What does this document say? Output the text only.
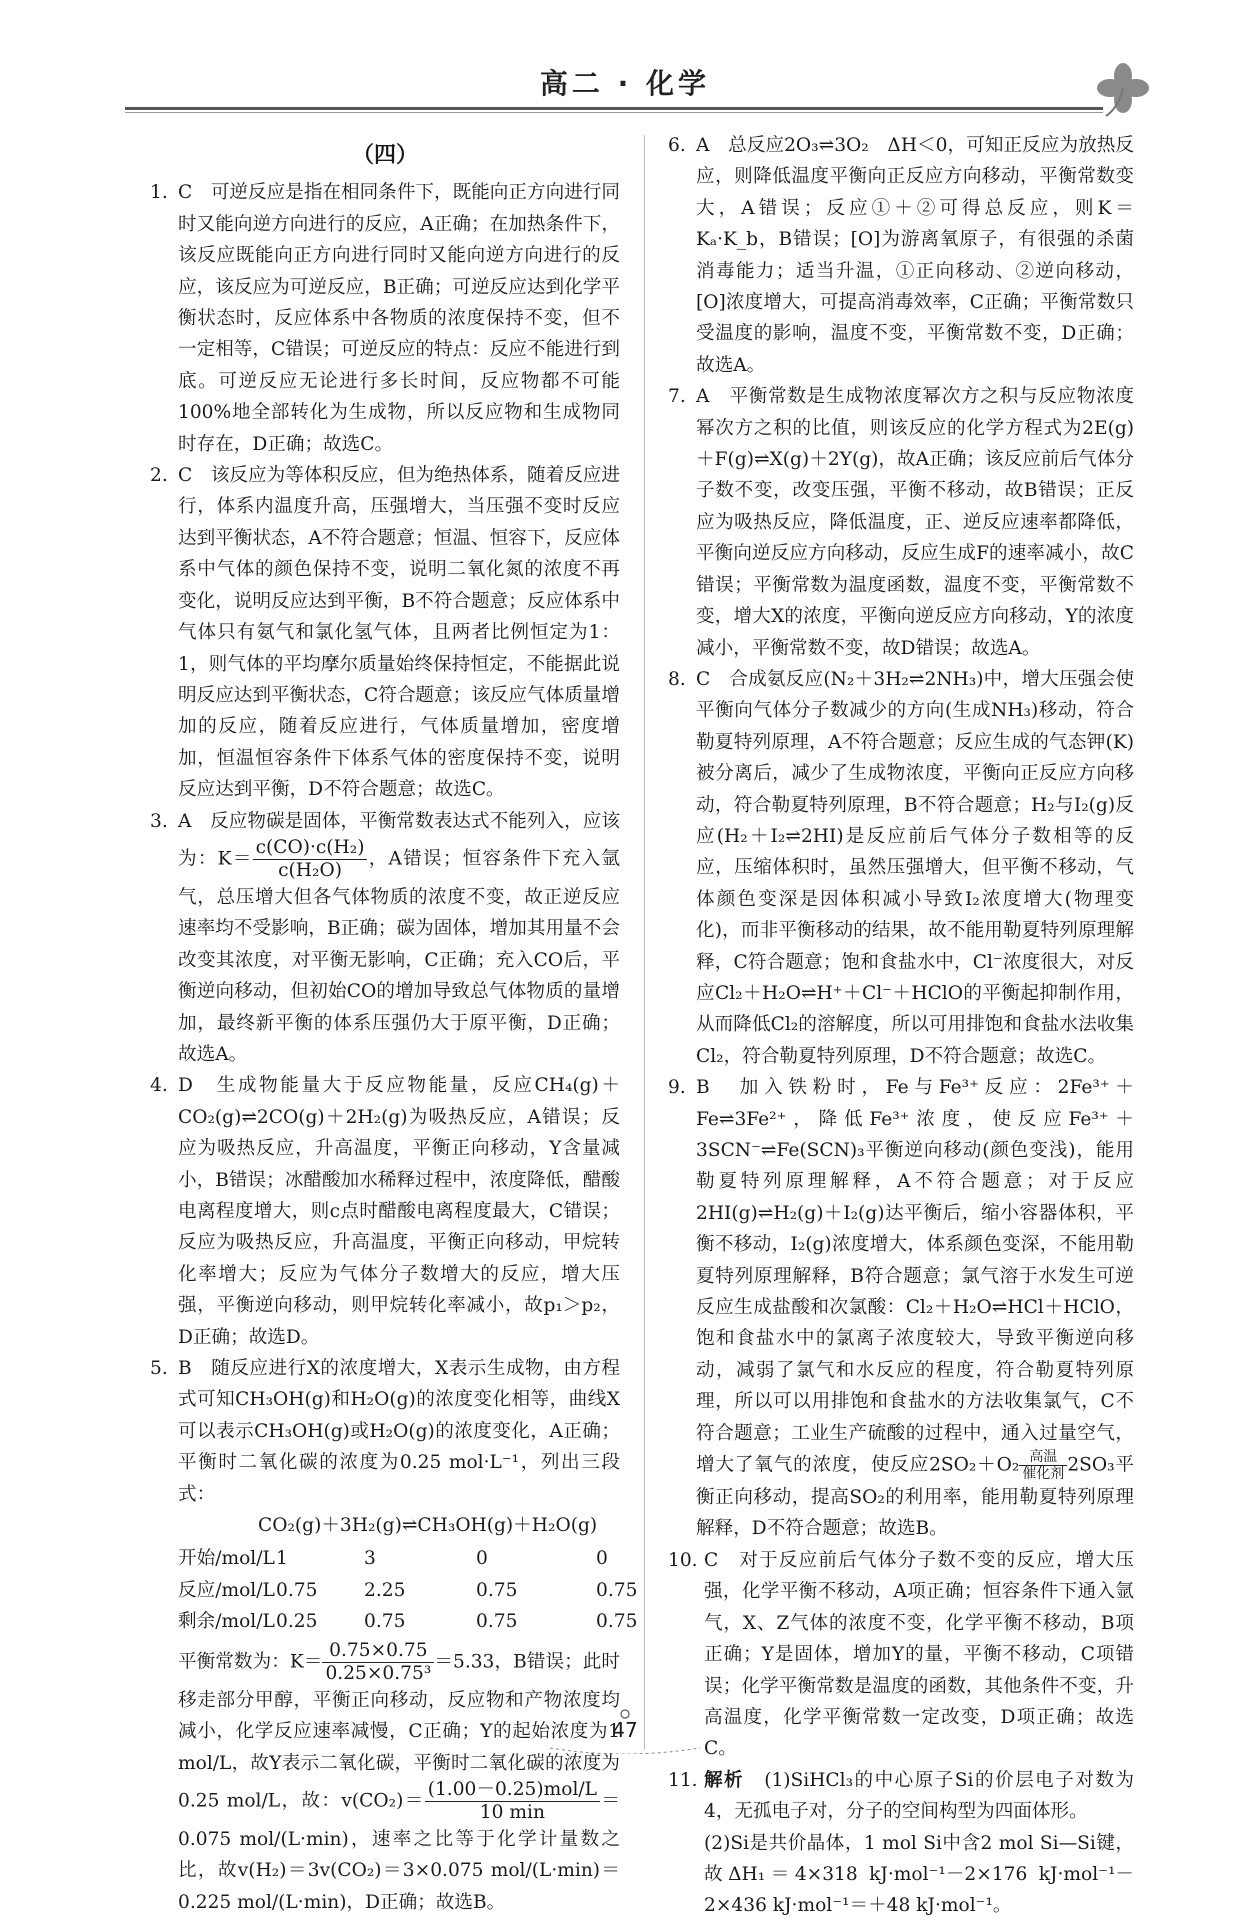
高二 · 化学
（四）
1. C　可逆反应是指在相同条件下，既能向正方向进行同时又能向逆方向进行的反应，A正确；在加热条件下，该反应既能向正方向进行同时又能向逆方向进行的反应，该反应为可逆反应，B正确；可逆反应达到化学平衡状态时，反应体系中各物质的浓度保持不变，但不一定相等，C错误；可逆反应的特点：反应不能进行到底。可逆反应无论进行多长时间，反应物都不可能100%地全部转化为生成物，所以反应物和生成物同时存在，D正确；故选C。

2. C　该反应为等体积反应，但为绝热体系，随着反应进行，体系内温度升高，压强增大，当压强不变时反应达到平衡状态，A不符合题意；恒温、恒容下，反应体系中气体的颜色保持不变，说明二氧化氮的浓度不再变化，说明反应达到平衡，B不符合题意；反应体系中气体只有氨气和氯化氢气体，且两者比例恒定为1：1，则气体的平均摩尔质量始终保持恒定，不能据此说明反应达到平衡状态，C符合题意；该反应气体质量增加的反应，随着反应进行，气体质量增加，密度增加，恒温恒容条件下体系气体的密度保持不变，说明反应达到平衡，D不符合题意；故选C。

3. A　反应物碳是固体，平衡常数表达式不能列入，应该为：$K= \frac{\text{c(CO)·c(H₂)}}{\text{c(H₂O)}}$ ，A错误；恒容条件下充入氩气，总压增大但各气体物质的浓度不变，故正逆反应速率均不受影响，B正确；碳为固体，增加其用量不会改变其浓度，对平衡无影响，C正确；充入CO后，平衡逆向移动，但初始CO的增加导致总气体物质的量增加，最终新平衡的体系压强仍大于原平衡，D正确；故选A。

4. D　生成物能量大于反应物能量，反应CH₄(g)＋CO₂(g)⇌2CO(g)＋2H₂(g)为吸热反应，A错误；反应为吸热反应，升高温度，平衡正向移动，Y含量减小，B错误；冰醋酸加水稀释过程中，浓度降低，醋酸电离程度增大，则c点时醋酸电离程度最大，C错误；反应为吸热反应，升高温度，平衡正向移动，甲烷转化率增大；反应为气体分子数增大的反应，增大压强，平衡逆向移动，则甲烷转化率减小，故p₁＞p₂，D正确；故选D。

5. B　随反应进行X的浓度增大，X表示生成物，由方程式可知CH₃OH(g)和H₂O(g)的浓度变化相等，曲线X可以表示CH₃OH(g)或H₂O(g)的浓度变化，A正确；平衡时二氧化碳的浓度为0.25 mol·L⁻¹，列出三段式：

CO₂(g)＋3H₂(g)⇌CH₃OH(g)＋H₂O(g)
开始/mol/L 1	3	0	0
反应/mol/L 0.75	2.25	0.75	0.75
剩余/mol/L 0.25	0.75	0.75	0.75

平衡常数为：$K= \frac{0.75\times 0.75}{\text{0.25×0.75³}} =5.33$，B错误；此时移走部分甲醇，平衡正向移动，反应物和产物浓度均减小，化学反应速率减慢，C正确；Y的起始浓度为1 mol/L，故Y表示二氧化碳，平衡时二氧化碳的浓度为0.25 mol/L，故：$v(CO_2)= \frac{\text{(1.00－0.25)mol/L}}{10 \min} =0.075$ mol/(L·min)，速率之比等于化学计量数之比，故v(H₂)＝3v(CO₂)＝3×0.075 mol/(L·min)＝0.225 mol/(L·min)，D正确；故选B。

6. A　总反应2O₃⇌3O₂　ΔH＜0，可知正反应为放热反应，则降低温度平衡向正反应方向移动，平衡常数变大，A错误；反应①＋②可得总反应，则K＝Kₐ·K_b，B错误；[O]为游离氧原子，有很强的杀菌消毒能力；适当升温，①正向移动、②逆向移动，[O]浓度增大，可提高消毒效率，C正确；平衡常数只受温度的影响，温度不变，平衡常数不变，D正确；故选A。

7. A　平衡常数是生成物浓度幂次方之积与反应物浓度幂次方之积的比值，则该反应的化学方程式为2E(g)＋F(g)⇌X(g)＋2Y(g)，故A正确；该反应前后气体分子数不变，改变压强，平衡不移动，故B错误；正反应为吸热反应，降低温度，正、逆反应速率都降低，平衡向逆反应方向移动，反应生成F的速率减小，故C错误；平衡常数为温度函数，温度不变，平衡常数不变，增大X的浓度，平衡向逆反应方向移动，Y的浓度减小，平衡常数不变，故D错误；故选A。

8. C　合成氨反应(N₂＋3H₂⇌2NH₃)中，增大压强会使平衡向气体分子数减少的方向(生成NH₃)移动，符合勒夏特列原理，A不符合题意；反应生成的气态钾(K)被分离后，减少了生成物浓度，平衡向正反应方向移动，符合勒夏特列原理，B不符合题意；H₂与I₂(g)反应(H₂＋I₂⇌2HI)是反应前后气体分子数相等的反应，压缩体积时，虽然压强增大，但平衡不移动，气体颜色变深是因体积减小导致I₂浓度增大(物理变化)，而非平衡移动的结果，故不能用勒夏特列原理解释，C符合题意；饱和食盐水中，Cl⁻浓度很大，对反应Cl₂＋H₂O⇌H⁺＋Cl⁻＋HClO的平衡起抑制作用，从而降低Cl₂的溶解度，所以可用排饱和食盐水法收集Cl₂，符合勒夏特列原理，D不符合题意；故选C。

9. B　加入铁粉时，Fe与Fe³⁺反应：2Fe³⁺＋Fe⇌3Fe²⁺，降低Fe³⁺浓度，使反应Fe³⁺＋3SCN⁻⇌Fe(SCN)₃平衡逆向移动(颜色变浅)，能用勒夏特列原理解释，A不符合题意；对于反应2HI(g)⇌H₂(g)＋I₂(g)达平衡后，缩小容器体积，平衡不移动，I₂(g)浓度增大，体系颜色变深，不能用勒夏特列原理解释，B符合题意；氯气溶于水发生可逆反应生成盐酸和次氯酸：Cl₂＋H₂O⇌HCl＋HClO，饱和食盐水中的氯离子浓度较大，导致平衡逆向移动，减弱了氯气和水反应的程度，符合勒夏特列原理，所以可以用排饱和食盐水的方法收集氯气，C不符合题意；工业生产硫酸的过程中，通入过量空气，增大了氧气的浓度，使反应$2SO_2+O_2 \frac{\text{高温}}{\text{催化剂}} 2SO_3$平衡正向移动，提高SO₂的利用率，能用勒夏特列原理解释，D不符合题意；故选B。

10. C　对于反应前后气体分子数不变的反应，增大压强，化学平衡不移动，A项正确；恒容条件下通入氩气，X、Z气体的浓度不变，化学平衡不移动，B项正确；Y是固体，增加Y的量，平衡不移动，C项错误；化学平衡常数是温度的函数，其他条件不变，升高温度，化学平衡常数一定改变，D项正确；故选C。

11. 解析　 (1)SiHCl₃的中心原子Si的价层电子对数为4，无孤电子对，分子的空间构型为四面体形。

(2)Si是共价晶体，1 mol Si中含2 mol Si—Si键，故ΔH₁＝4×318 kJ·mol⁻¹－2×176 kJ·mol⁻¹－2×436 kJ·mol⁻¹＝＋48 kJ·mol⁻¹。

47
